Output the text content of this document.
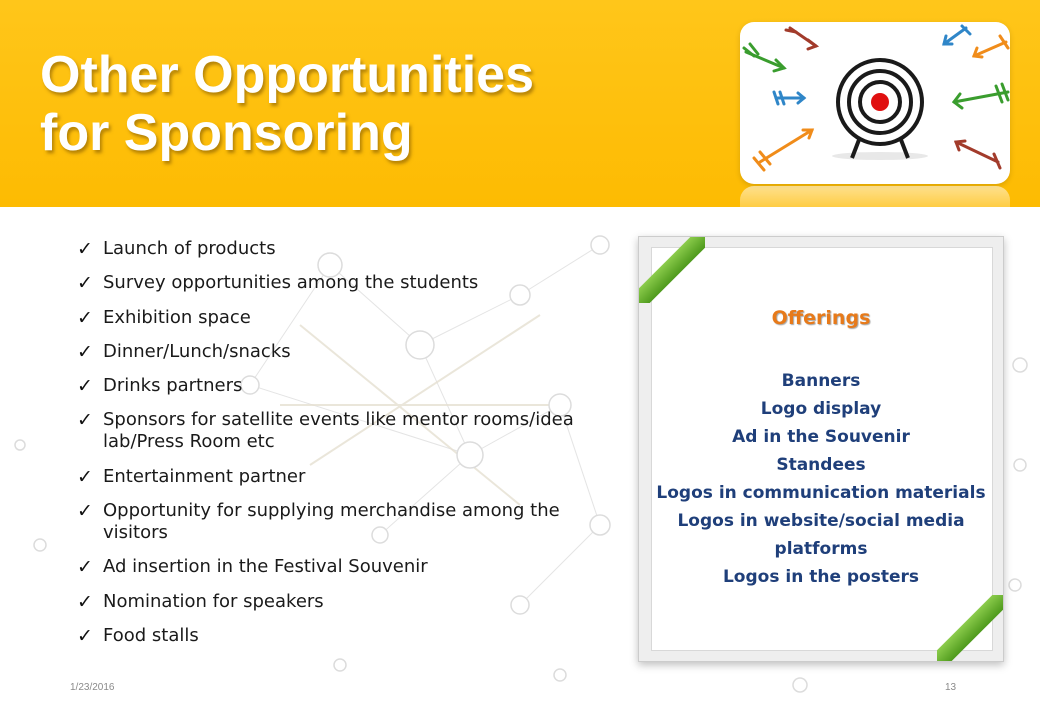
Other Opportunities
for Sponsoring
✓ Launch of products
✓ Survey opportunities among the students
✓ Exhibition space
✓ Dinner/Lunch/snacks
✓ Drinks partners
✓ Sponsors for satellite events like mentor rooms/idea lab/Press Room etc
✓ Entertainment partner
✓ Opportunity for supplying merchandise among the visitors
✓ Ad insertion in the Festival Souvenir
✓ Nomination for speakers
✓ Food stalls
Offerings
Banners
Logo display
Ad in the Souvenir
Standees
Logos in communication materials
Logos in website/social media platforms
Logos in the posters
1/23/2016	13
